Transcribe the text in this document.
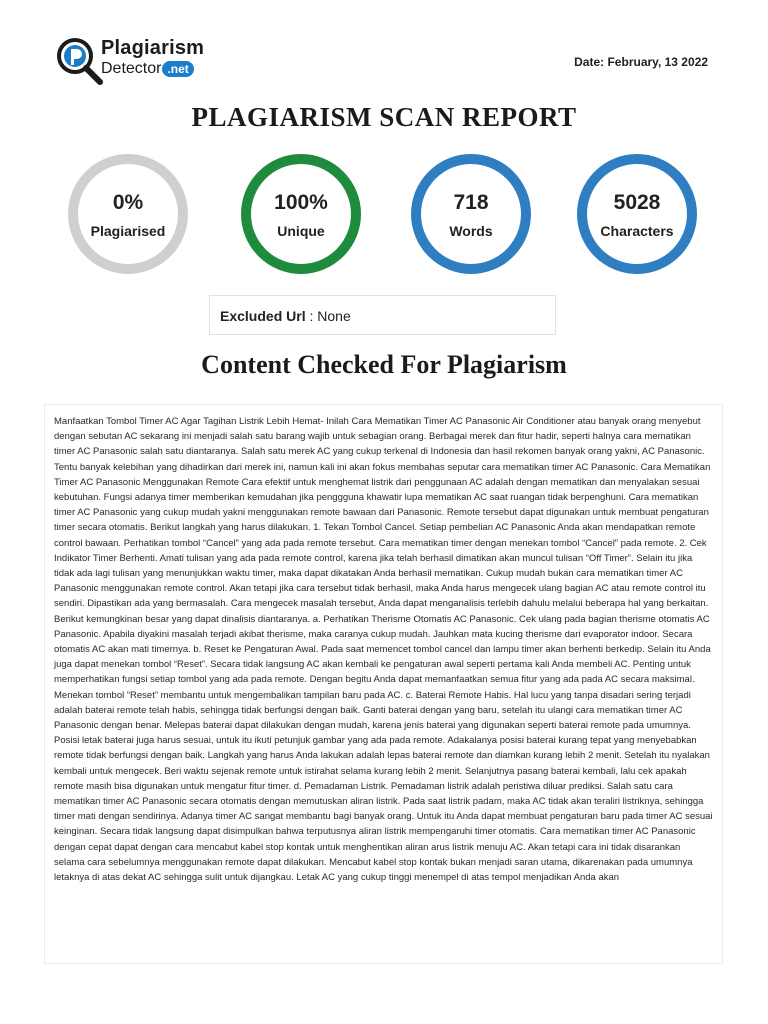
Plagiarism
Detector .net	Date: February, 13 2022
PLAGIARISM SCAN REPORT
0%
Plagiarised
100%
Unique
718
Words
5028
Characters
Excluded Url : None
Content Checked For Plagiarism

Manfaatkan Tombol Timer AC Agar Tagihan Listrik Lebih Hemat- Inilah Cara Mematikan Timer AC Panasonic Air Conditioner atau banyak orang menyebut dengan sebutan AC sekarang ini menjadi salah satu barang wajib untuk sebagian orang. Berbagai merek dan fitur hadir, seperti halnya cara mematikan timer AC Panasonic salah satu diantaranya. Salah satu merek AC yang cukup terkenal di Indonesia dan hasil rekomen banyak orang yakni, AC Panasonic. Tentu banyak kelebihan yang dihadirkan dari merek ini, namun kali ini akan fokus membahas seputar cara mematikan timer AC Panasonic. Cara Mematikan Timer AC Panasonic Menggunakan Remote Cara efektif untuk menghemat listrik dari penggunaan AC adalah dengan mematikan dan menyalakan sesuai kebutuhan. Fungsi adanya timer memberikan kemudahan jika penggguna khawatir lupa mematikan AC saat ruangan tidak berpenghuni. Cara mematikan timer AC Panasonic yang cukup mudah yakni menggunakan remote bawaan dari Panasonic. Remote tersebut dapat digunakan untuk membuat pengaturan timer secara otomatis. Berikut langkah yang harus dilakukan. 1. Tekan Tombol Cancel. Setiap pembelian AC Panasonic Anda akan mendapatkan remote control bawaan. Perhatikan tombol “Cancel” yang ada pada remote tersebut. Cara mematikan timer dengan menekan tombol “Cancel” pada remote. 2. Cek Indikator Timer Berhenti. Amati tulisan yang ada pada remote control, karena jika telah berhasil dimatikan akan muncul tulisan “Off Timer”. Selain itu jika tidak ada lagi tulisan yang menunjukkan waktu timer, maka dapat dikatakan Anda berhasil mematikan. Cukup mudah bukan cara mematikan timer AC Panasonic menggunakan remote control. Akan tetapi jika cara tersebut tidak berhasil, maka Anda harus mengecek ulang bagian AC atau remote control itu sendiri. Dipastikan ada yang bermasalah. Cara mengecek masalah tersebut, Anda dapat menganalisis terlebih dahulu melalui beberapa hal yang berkaitan. Berikut kemungkinan besar yang dapat dinalisis diantaranya. a. Perhatikan Therisme Otomatis AC Panasonic. Cek ulang pada bagian therisme otomatis AC Panasonic. Apabila diyakini masalah terjadi akibat therisme, maka caranya cukup mudah. Jauhkan mata kucing therisme dari evaporator indoor. Secara otomatis AC akan mati timernya. b. Reset ke Pengaturan Awal. Pada saat memencet tombol cancel dan lampu timer akan berhenti berkedip. Selain itu Anda juga dapat menekan tombol “Reset”. Secara tidak langsung AC akan kembali ke pengaturan awal seperti pertama kali Anda membeli AC. Penting untuk memperhatikan fungsi setiap tombol yang ada pada remote. Dengan begitu Anda dapat memanfaatkan semua fitur yang ada pada AC secara maksimal. Menekan tombol “Reset” membantu untuk mengembalikan tampilan baru pada AC. c. Baterai Remote Habis. Hal lucu yang tanpa disadari sering terjadi adalah baterai remote telah habis, sehingga tidak berfungsi dengan baik. Ganti baterai dengan yang baru, setelah itu ulangi cara mematikan timer AC Panasonic dengan benar. Melepas baterai dapat dilakukan dengan mudah, karena jenis baterai yang digunakan seperti baterai remote pada umumnya. Posisi letak baterai juga harus sesuai, untuk itu ikuti petunjuk gambar yang ada pada remote. Adakalanya posisi baterai kurang tepat yang menyebabkan remote tidak berfungsi dengan baik. Langkah yang harus Anda lakukan adalah lepas baterai remote dan diamkan kurang lebih 2 menit. Setelah itu nyalakan kembali untuk mengecek. Beri waktu sejenak remote untuk istirahat selama kurang lebih 2 menit. Selanjutnya pasang baterai kembali, lalu cek apakah remote masih bisa digunakan untuk mengatur fitur timer. d. Pemadaman Listrik. Pemadaman listrik adalah peristiwa diluar prediksi. Salah satu cara mematikan timer AC Panasonic secara otomatis dengan memutuskan aliran listrik. Pada saat listrik padam, maka AC tidak akan teraliri listriknya, sehingga timer mati dengan sendirinya. Adanya timer AC sangat membantu bagi banyak orang. Untuk itu Anda dapat membuat pengaturan baru pada timer AC sesuai keinginan. Secara tidak langsung dapat disimpulkan bahwa terputusnya aliran listrik mempengaruhi timer otomatis. Cara mematikan timer AC Panasonic dengan cepat dapat dengan cara mencabut kabel stop kontak untuk menghentikan aliran arus listrik menuju AC. Akan tetapi cara ini tidak disarankan selama cara sebelumnya menggunakan remote dapat dilakukan. Mencabut kabel stop kontak bukan menjadi saran utama, dikarenakan pada umumnya letaknya di atas dekat AC sehingga sulit untuk dijangkau. Letak AC yang cukup tinggi menempel di atas tempol menjadikan Anda akan
